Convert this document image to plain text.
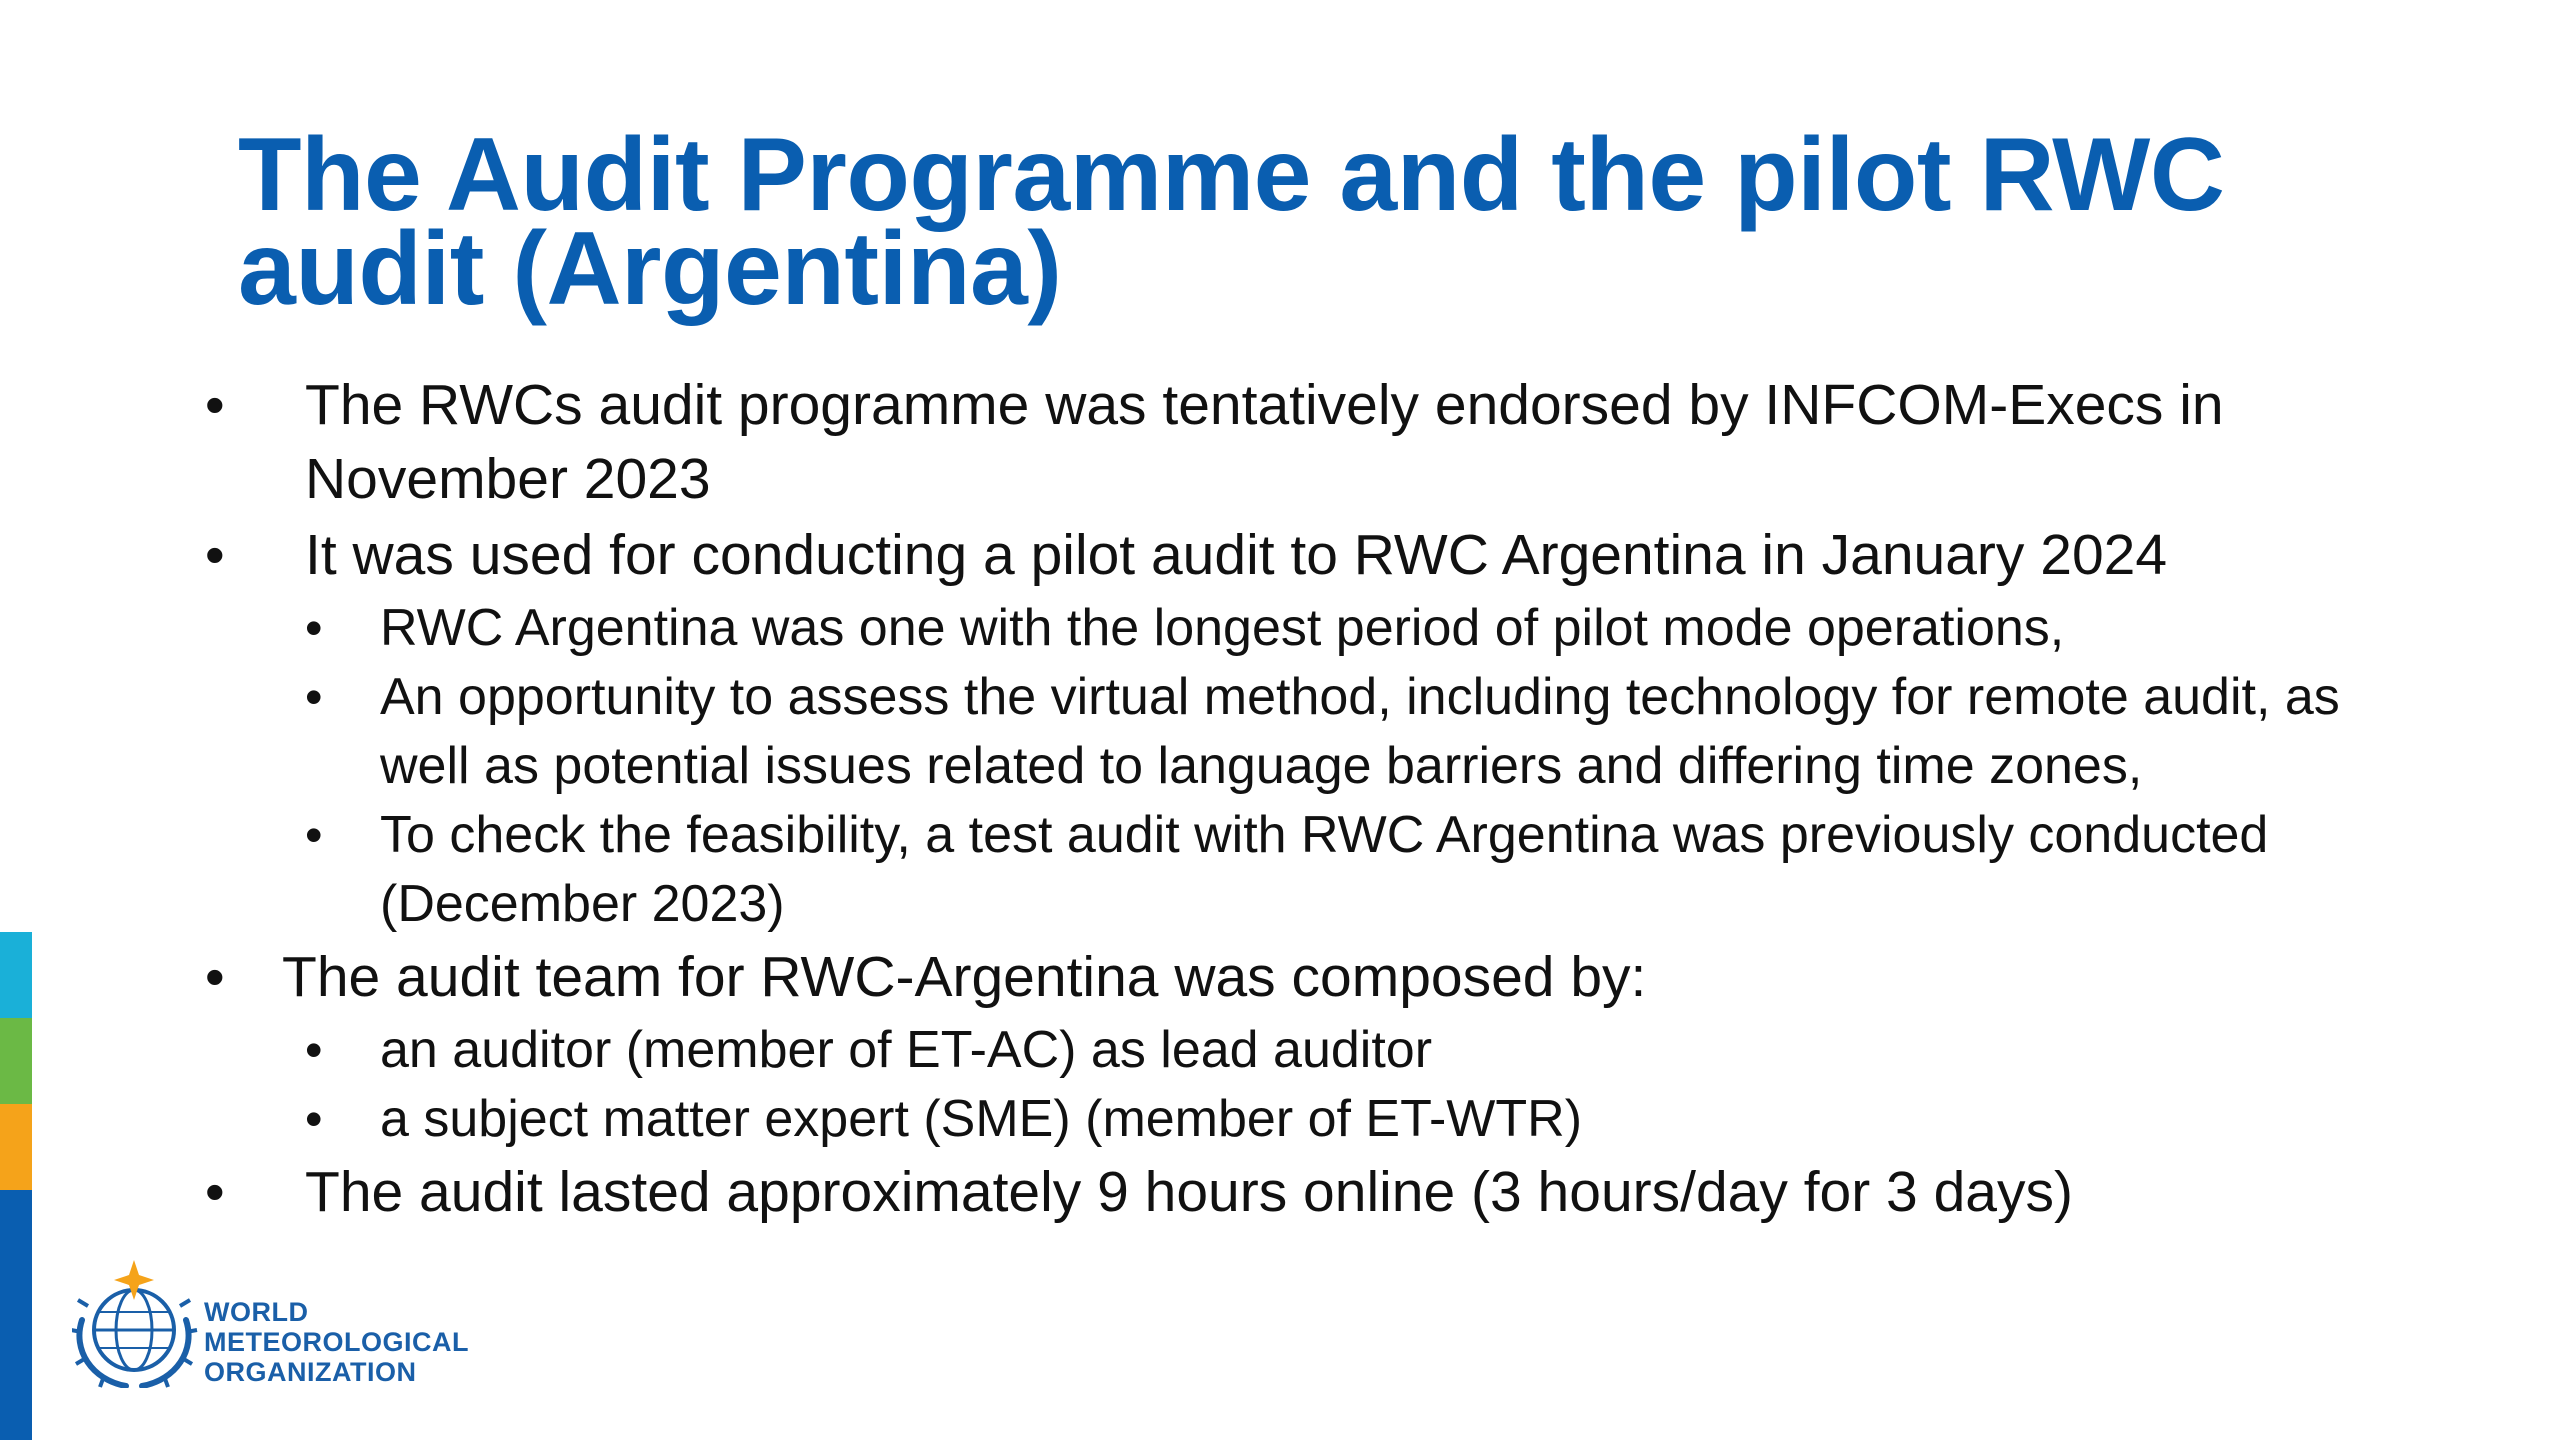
The Audit Programme and the pilot RWC audit (Argentina)
• The RWCs audit programme was tentatively endorsed by INFCOM-Execs in November 2023
• It was used for conducting a pilot audit to RWC Argentina in January 2024
• RWC Argentina was one with the longest period of pilot mode operations,
• An opportunity to assess the virtual method, including technology for remote audit, as well as potential issues related to language barriers and differing time zones,
• To check the feasibility, a test audit with RWC Argentina was previously conducted (December 2023)
• The audit team for RWC-Argentina was composed by:
• an auditor (member of ET-AC) as lead auditor
• a subject matter expert (SME) (member of ET-WTR)
• The audit lasted approximately 9 hours online (3 hours/day for 3 days)
WORLD
METEOROLOGICAL
ORGANIZATION
